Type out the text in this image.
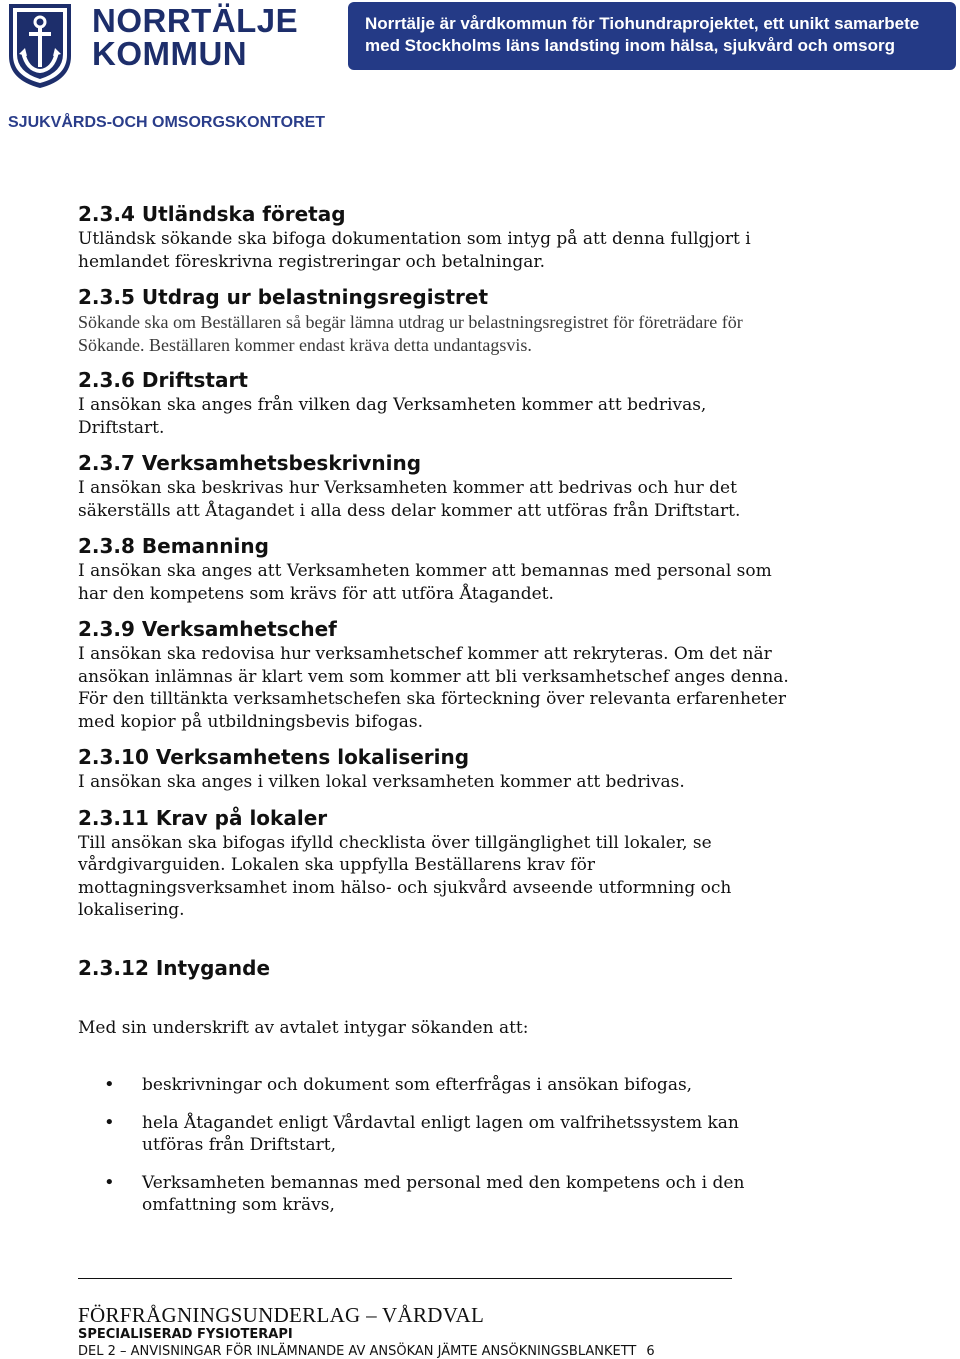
NORRTÄLJE
KOMMUN
Norrtälje är vårdkommun för Tiohundraprojektet, ett unikt samarbete
med Stockholms läns landsting inom hälsa, sjukvård och omsorg
SJUKVÅRDS-OCH OMSORGSKONTORET
2.3.4 Utländska företag

Utländsk sökande ska bifoga dokumentation som intyg på att denna fullgjort i hemlandet föreskrivna registreringar och betalningar.

2.3.5 Utdrag ur belastningsregistret

Sökande ska om Beställaren så begär lämna utdrag ur belastningsregistret för företrädare för Sökande. Beställaren kommer endast kräva detta undantagsvis.

2.3.6 Driftstart

I ansökan ska anges från vilken dag Verksamheten kommer att bedrivas, Driftstart.

2.3.7 Verksamhetsbeskrivning

I ansökan ska beskrivas hur Verksamheten kommer att bedrivas och hur det säkerställs att Åtagandet i alla dess delar kommer att utföras från Driftstart.

2.3.8 Bemanning

I ansökan ska anges att Verksamheten kommer att bemannas med personal som har den kompetens som krävs för att utföra Åtagandet.

2.3.9 Verksamhetschef

I ansökan ska redovisa hur verksamhetschef kommer att rekryteras. Om det när ansökan inlämnas är klart vem som kommer att bli verksamhetschef anges denna. För den tilltänkta verksamhetschefen ska förteckning över relevanta erfarenheter med kopior på utbildningsbevis bifogas.

2.3.10 Verksamhetens lokalisering

I ansökan ska anges i vilken lokal verksamheten kommer att bedrivas.

2.3.11 Krav på lokaler

Till ansökan ska bifogas ifylld checklista över tillgänglighet till lokaler, se vårdgivarguiden. Lokalen ska uppfylla Beställarens krav för mottagningsverksamhet inom hälso- och sjukvård avseende utformning och lokalisering.

2.3.12 Intygande

Med sin underskrift av avtalet intygar sökanden att:

• beskrivningar och dokument som efterfrågas i ansökan bifogas,
• hela Åtagandet enligt Vårdavtal enligt lagen om valfrihetssystem kan utföras från Driftstart,
• Verksamheten bemannas med personal med den kompetens och i den omfattning som krävs,
FÖRFRÅGNINGSUNDERLAG – VÅRDVAL
SPECIALISERAD FYSIOTERAPI
DEL 2 – ANVISNINGAR FÖR INLÄMNANDE AV ANSÖKAN JÄMTE ANSÖKNINGSBLANKETT 6
